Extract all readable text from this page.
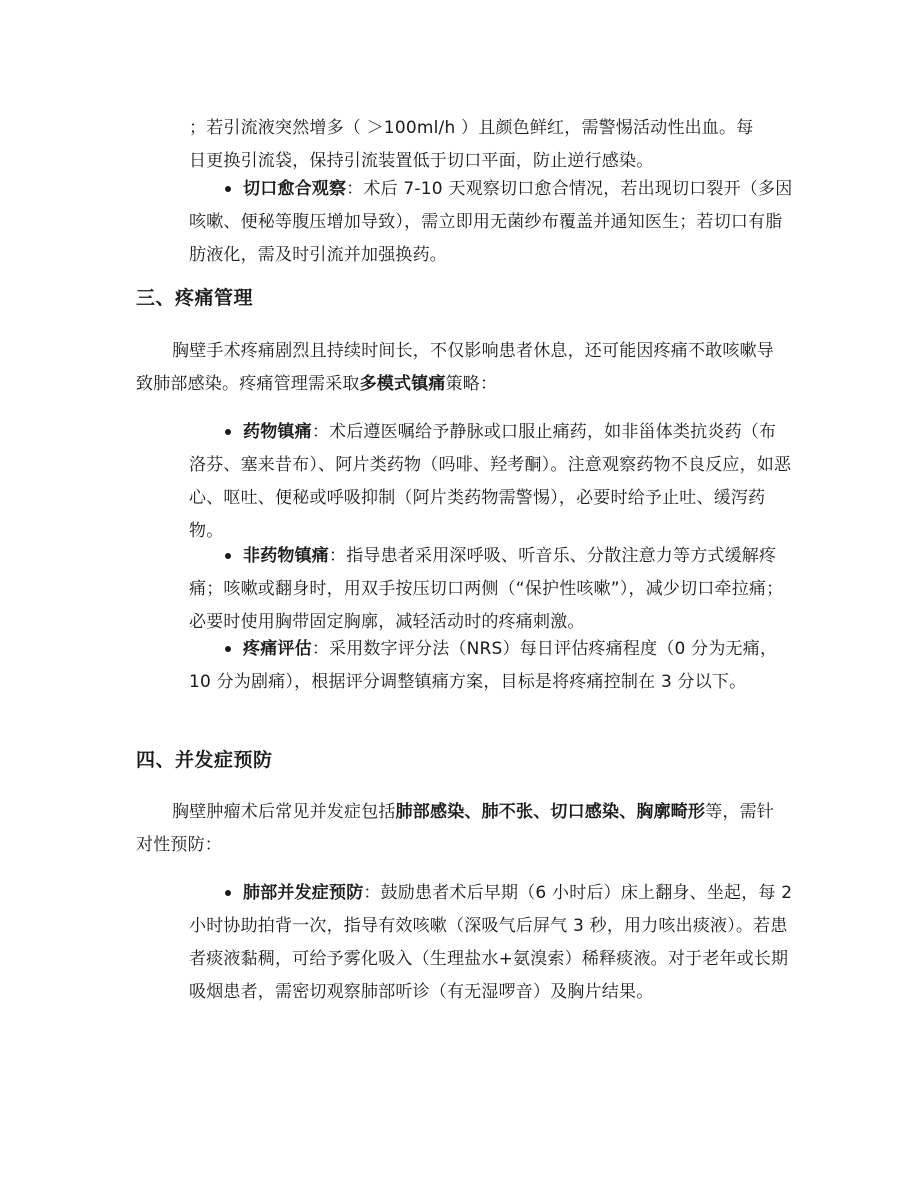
；若引流液突然增多（ ＞100ml/h ）且颜色鲜红，需警惕活动性出血。每
日更换引流袋，保持引流装置低于切口平面，防止逆行感染。

切口愈合观察：术后 7-10 天观察切口愈合情况，若出现切口裂开（多因咳嗽、便秘等腹压增加导致），需立即用无菌纱布覆盖并通知医生；若切口有脂肪液化，需及时引流并加强换药。
三、疼痛管理

胸壁手术疼痛剧烈且持续时间长，不仅影响患者休息，还可能因疼痛不敢咳嗽导致肺部感染。疼痛管理需采取多模式镇痛策略：

药物镇痛：术后遵医嘱给予静脉或口服止痛药，如非甾体类抗炎药（布洛芬、塞来昔布）、阿片类药物（吗啡、羟考酮）。注意观察药物不良反应，如恶心、呕吐、便秘或呼吸抑制（阿片类药物需警惕），必要时给予止吐、缓泻药物。
非药物镇痛：指导患者采用深呼吸、听音乐、分散注意力等方式缓解疼痛；咳嗽或翻身时，用双手按压切口两侧（“保护性咳嗽”），减少切口牵拉痛；必要时使用胸带固定胸廓，减轻活动时的疼痛刺激。
疼痛评估：采用数字评分法（NRS）每日评估疼痛程度（0 分为无痛，10 分为剧痛），根据评分调整镇痛方案，目标是将疼痛控制在 3 分以下。
四、并发症预防

胸壁肿瘤术后常见并发症包括肺部感染、肺不张、切口感染、胸廓畸形等，需针对性预防：

肺部并发症预防：鼓励患者术后早期（6 小时后）床上翻身、坐起，每 2 小时协助拍背一次，指导有效咳嗽（深吸气后屏气 3 秒，用力咳出痰液）。若患者痰液黏稠，可给予雾化吸入（生理盐水+氨溴索）稀释痰液。对于老年或长期吸烟患者，需密切观察肺部听诊（有无湿啰音）及胸片结果。
